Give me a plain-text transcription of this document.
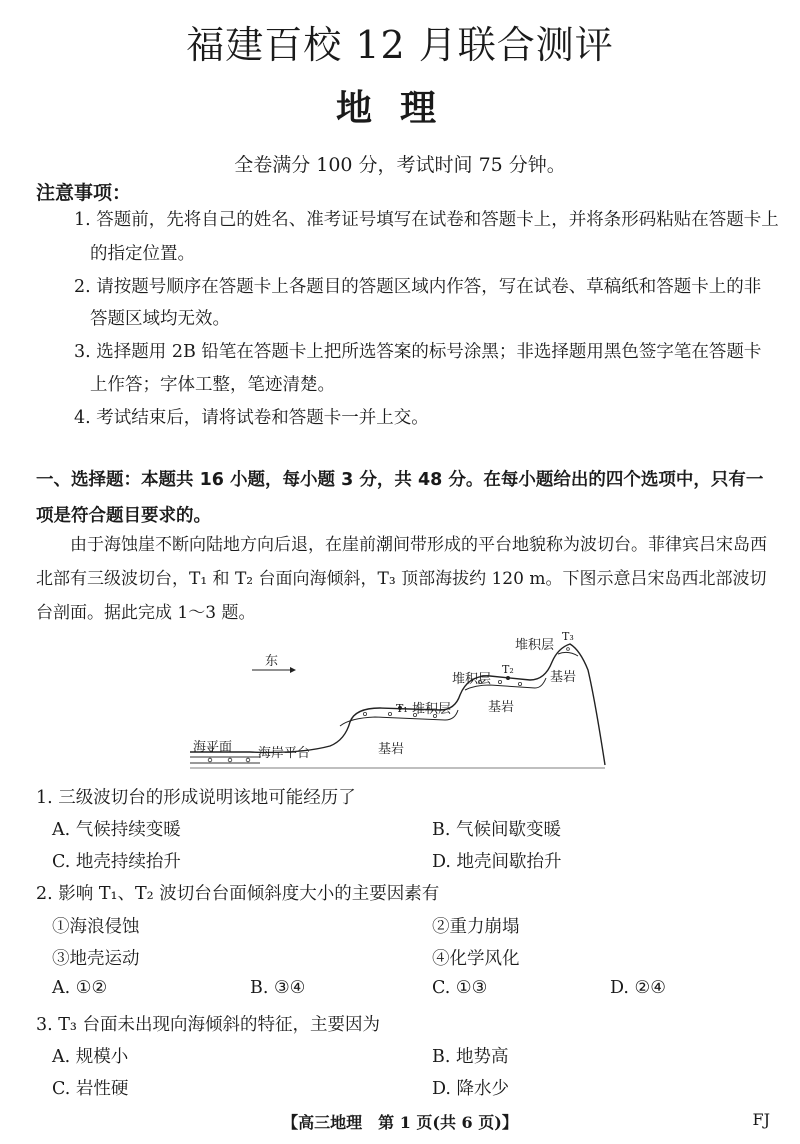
福建百校 12 月联合测评
地理
全卷满分 100 分，考试时间 75 分钟。
注意事项：
1. 答题前，先将自己的姓名、准考证号填写在试卷和答题卡上，并将条形码粘贴在答题卡上
的指定位置。
2. 请按题号顺序在答题卡上各题目的答题区域内作答，写在试卷、草稿纸和答题卡上的非
答题区域均无效。
3. 选择题用 2B 铅笔在答题卡上把所选答案的标号涂黑；非选择题用黑色签字笔在答题卡
上作答；字体工整，笔迹清楚。
4. 考试结束后，请将试卷和答题卡一并上交。
一、选择题：本题共 16 小题，每小题 3 分，共 48 分。在每小题给出的四个选项中，只有一项是符合题目要求的。
由于海蚀崖不断向陆地方向后退，在崖前潮间带形成的平台地貌称为波切台。菲律宾吕宋岛西北部有三级波切台，T₁ 和 T₂ 台面向海倾斜，T₃ 顶部海拔约 120 m。下图示意吕宋岛西北部波切台剖面。据此完成 1～3 题。
东
海平面 海岸平台	基岩
T₁ 堆积层	基岩
堆积层
T₂
基岩
堆积层
T₃
1. 三级波切台的形成说明该地可能经历了
A. 气候持续变暖	B. 气候间歇变暖
C. 地壳持续抬升	D. 地壳间歇抬升
2. 影响 T₁、T₂ 波切台台面倾斜度大小的主要因素有
①海浪侵蚀	②重力崩塌
③地壳运动	④化学风化
A. ①②	B. ③④	C. ①③	D. ②④
3. T₃ 台面未出现向海倾斜的特征，主要因为
A. 规模小	B. 地势高
C. 岩性硬	D. 降水少
【高三地理　第 1 页(共 6 页)】	FJ
